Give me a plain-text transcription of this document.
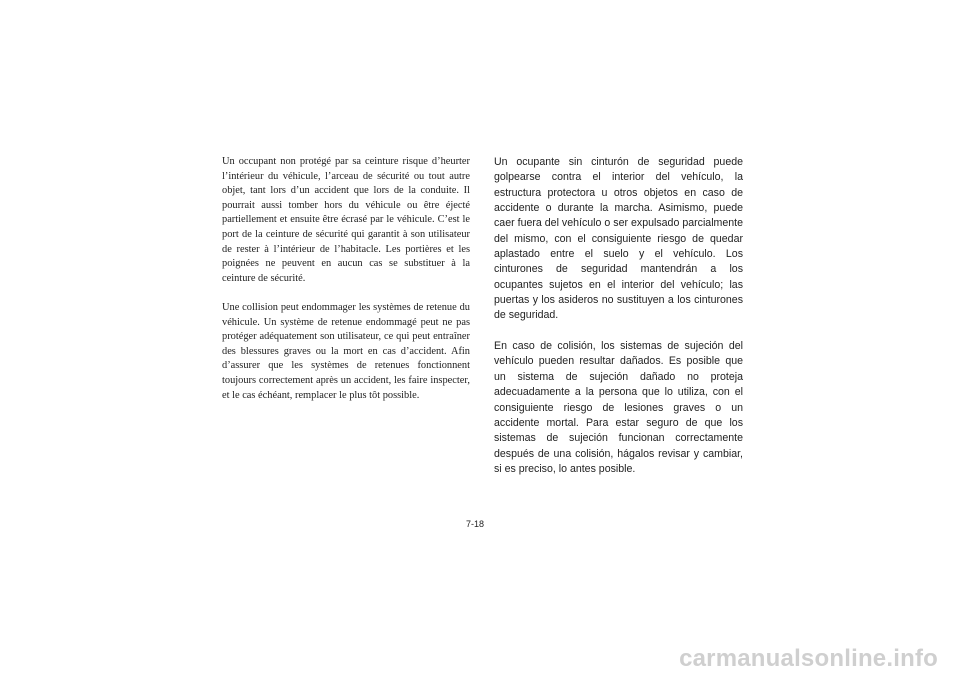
Un occupant non protégé par sa ceinture risque d’heurter l’intérieur du véhicule, l’arceau de sécurité ou tout autre objet, tant lors d’un accident que lors de la conduite. Il pourrait aussi tomber hors du véhicule ou être éjecté partiellement et ensuite être écrasé par le véhicule. C’est le port de la ceinture de sécurité qui garantit à son utilisateur de rester à l’intérieur de l’habitacle. Les portières et les poignées ne peuvent en aucun cas se substituer à la ceinture de sécurité.

Une collision peut endommager les systèmes de retenue du véhicule. Un système de retenue endommagé peut ne pas protéger adéquatement son utilisateur, ce qui peut entraîner des blessures graves ou la mort en cas d’accident. Afin d’assurer que les systèmes de retenues fonctionnent toujours correctement après un accident, les faire inspecter, et le cas échéant, remplacer le plus tôt possible.

Un ocupante sin cinturón de seguridad puede golpearse contra el interior del vehículo, la estructura protectora u otros objetos en caso de accidente o durante la marcha. Asimismo, puede caer fuera del vehículo o ser expulsado parcialmente del mismo, con el consiguiente riesgo de quedar aplastado entre el suelo y el vehículo. Los cinturones de seguridad mantendrán a los ocupantes sujetos en el interior del vehículo; las puertas y los asideros no sustituyen a los cinturones de seguridad.

En caso de colisión, los sistemas de sujeción del vehículo pueden resultar dañados. Es posible que un sistema de sujeción dañado no proteja adecuadamente a la persona que lo utiliza, con el consiguiente riesgo de lesiones graves o un accidente mortal. Para estar seguro de que los sistemas de sujeción funcionan correctamente después de una colisión, hágalos revisar y cambiar, si es preciso, lo antes posible.

7-18
carmanualsonline.info
